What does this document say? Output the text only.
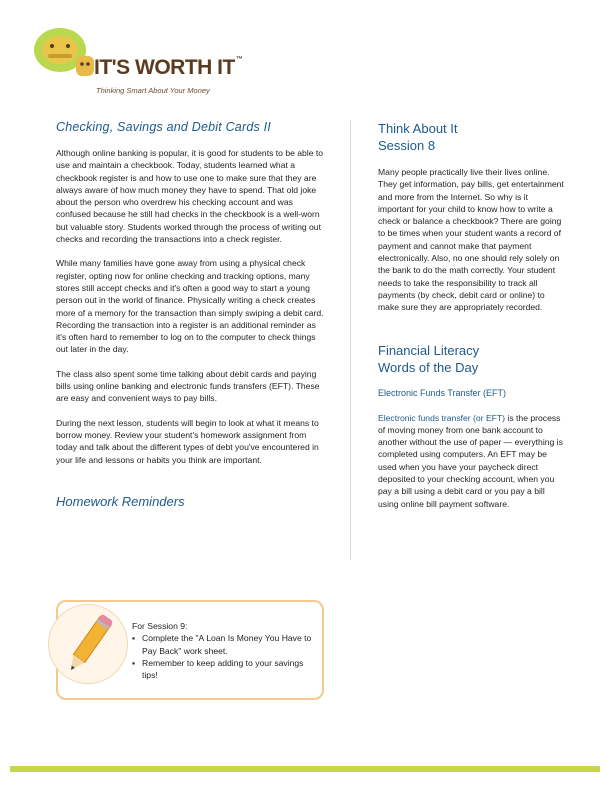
IT'S WORTH IT™
Thinking Smart About Your Money
Checking, Savings and Debit Cards II

Although online banking is popular, it is good for students to be able to use and maintain a checkbook. Today, students learned what a checkbook register is and how to use one to make sure that they are always aware of how much money they have to spend. That old joke about the person who overdrew his checking account and was confused because he still had checks in the checkbook is a well-worn but valuable story. Students worked through the process of writing out checks and recording the transactions into a check register.

While many families have gone away from using a physical check register, opting now for online checking and tracking options, many stores still accept checks and it's often a good way to start a young person out in the world of finance. Physically writing a check creates more of a memory for the transaction than simply swiping a debit card. Recording the transaction into a register is an additional reminder as it's often hard to remember to log on to the computer to check things out later in the day.

The class also spent some time talking about debit cards and paying bills using online banking and electronic funds transfers (EFT). These are easy and convenient ways to pay bills.

During the next lesson, students will begin to look at what it means to borrow money. Review your student's homework assignment from today and talk about the different types of debt you've encountered in your life and lessons or habits you think are important.

Homework Reminders
Think About It
Session 8

Many people practically live their lives online. They get information, pay bills, get entertainment and more from the Internet. So why is it important for your child to know how to write a check or balance a checkbook? There are going to be times when your student wants a record of payment and cannot make that payment electronically. Also, no one should rely solely on the bank to do the math correctly. Your student needs to take the responsibility to track all payments (by check, debit card or online) to make sure they are appropriately recorded.

Financial Literacy
Words of the Day
Electronic Funds Transfer (EFT)

Electronic funds transfer (or EFT) is the process of moving money from one bank account to another without the use of paper — everything is completed using computers. An EFT may be used when you have your paycheck direct deposited to your checking account, when you pay a bill using a debit card or you pay a bill using online bill payment software.

For Session 9:
▪ Complete the "A Loan Is Money You Have to Pay Back" work sheet.
▪ Remember to keep adding to your savings tips!
